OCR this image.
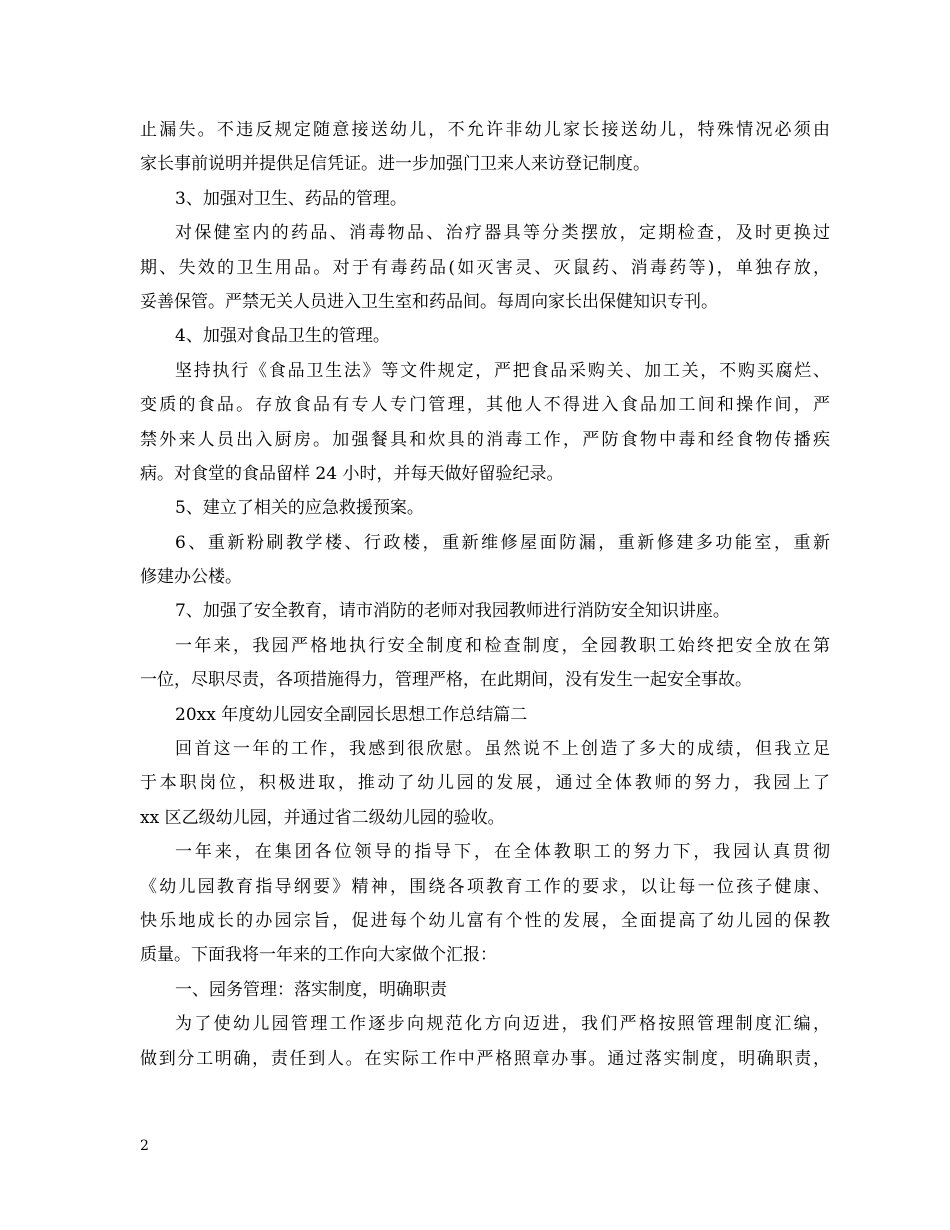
止漏失。不违反规定随意接送幼儿，不允许非幼儿家长接送幼儿，特殊情况必须由
家长事前说明并提供足信凭证。进一步加强门卫来人来访登记制度。
3、加强对卫生、药品的管理。
对保健室内的药品、消毒物品、治疗器具等分类摆放，定期检查，及时更换过
期、失效的卫生用品。对于有毒药品(如灭害灵、灭鼠药、消毒药等)，单独存放，
妥善保管。严禁无关人员进入卫生室和药品间。每周向家长出保健知识专刊。
4、加强对食品卫生的管理。
坚持执行《食品卫生法》等文件规定，严把食品采购关、加工关，不购买腐烂、
变质的食品。存放食品有专人专门管理，其他人不得进入食品加工间和操作间，严
禁外来人员出入厨房。加强餐具和炊具的消毒工作，严防食物中毒和经食物传播疾
病。对食堂的食品留样 24 小时，并每天做好留验纪录。
5、建立了相关的应急救援预案。
6、重新粉刷教学楼、行政楼，重新维修屋面防漏，重新修建多功能室，重新
修建办公楼。
7、加强了安全教育，请市消防的老师对我园教师进行消防安全知识讲座。
一年来，我园严格地执行安全制度和检查制度，全园教职工始终把安全放在第
一位，尽职尽责，各项措施得力，管理严格，在此期间，没有发生一起安全事故。
20xx 年度幼儿园安全副园长思想工作总结篇二
回首这一年的工作，我感到很欣慰。虽然说不上创造了多大的成绩，但我立足
于本职岗位，积极进取，推动了幼儿园的发展，通过全体教师的努力，我园上了
xx 区乙级幼儿园，并通过省二级幼儿园的验收。
一年来，在集团各位领导的指导下，在全体教职工的努力下，我园认真贯彻
《幼儿园教育指导纲要》精神，围绕各项教育工作的要求，以让每一位孩子健康、
快乐地成长的办园宗旨，促进每个幼儿富有个性的发展，全面提高了幼儿园的保教
质量。下面我将一年来的工作向大家做个汇报：
一、园务管理：落实制度，明确职责
为了使幼儿园管理工作逐步向规范化方向迈进，我们严格按照管理制度汇编，
做到分工明确，责任到人。在实际工作中严格照章办事。通过落实制度，明确职责，
2
